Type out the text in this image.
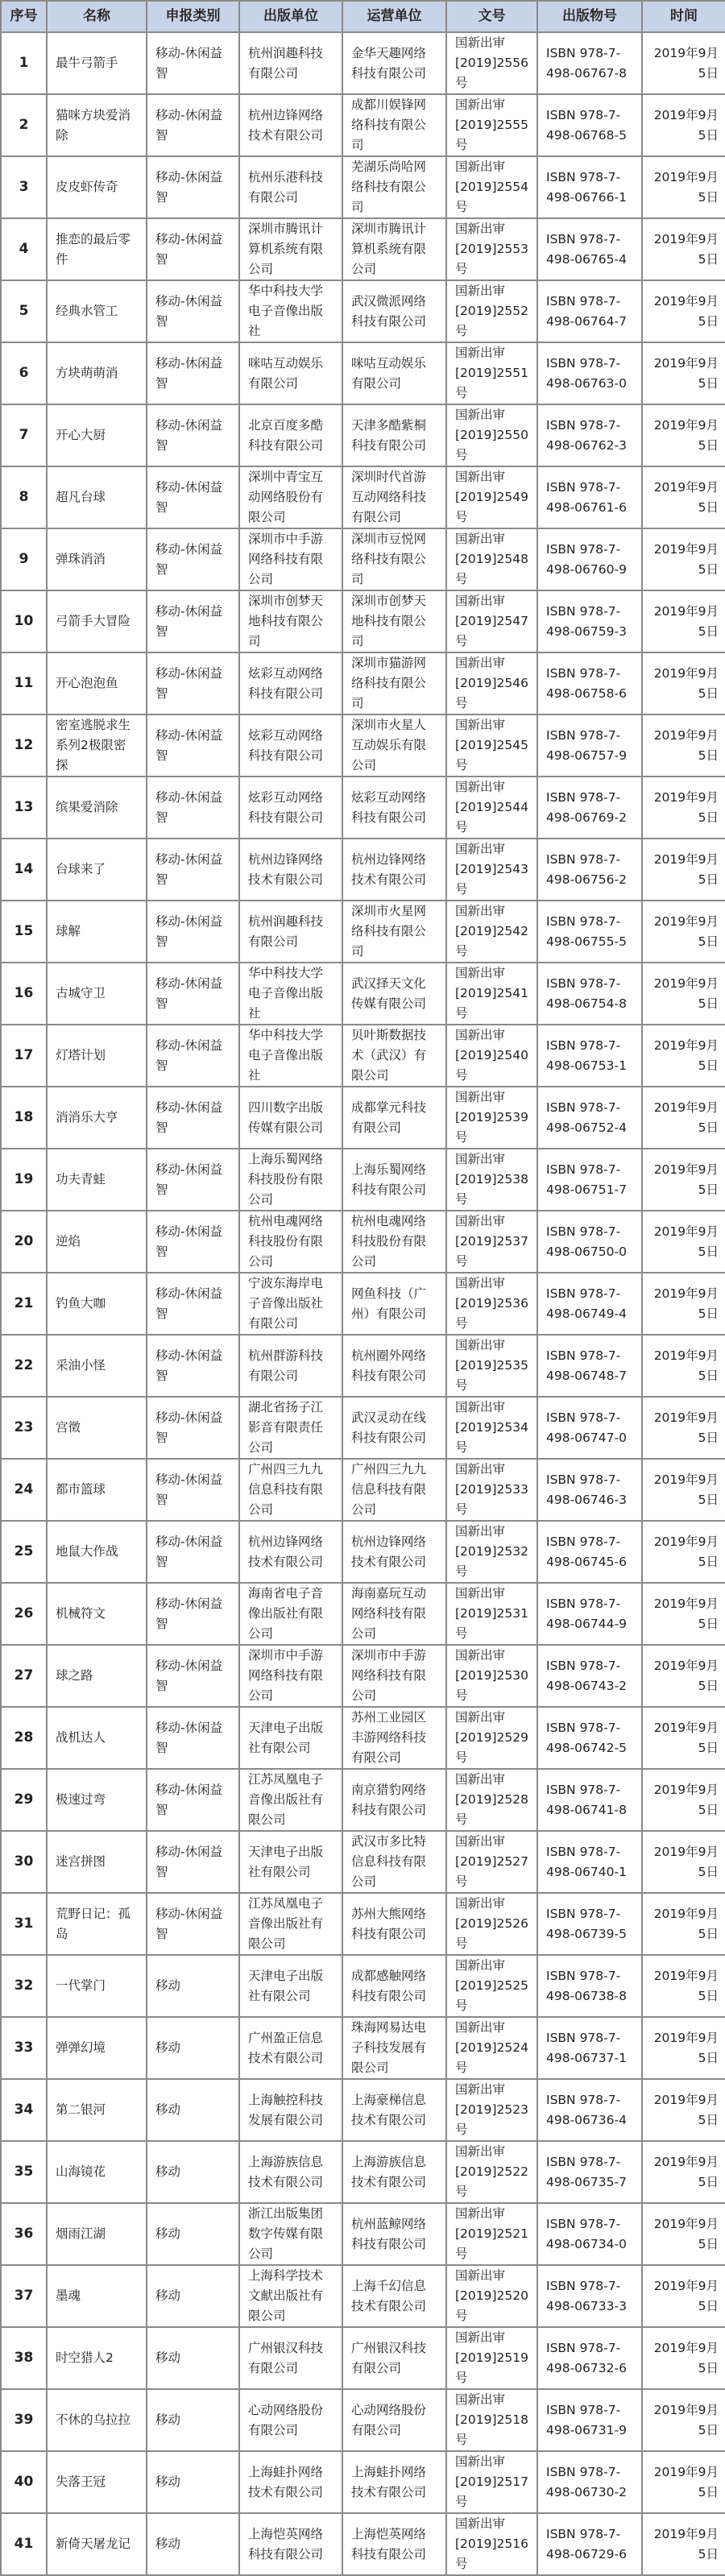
序号	名称	申报类别	出版单位	运营单位	文号	出版物号	时间
1	最牛弓箭手	移动-休闲益智	杭州润趣科技有限公司	金华天趣网络科技有限公司	国新出审[2019]2556号	ISBN 978-7-498-06767-8	2019年9月5日
2	猫咪方块爱消除	移动-休闲益智	杭州边锋网络技术有限公司	成都川娱锋网络科技有限公司	国新出审[2019]2555号	ISBN 978-7-498-06768-5	2019年9月5日
3	皮皮虾传奇	移动-休闲益智	杭州乐港科技有限公司	芜湖乐尚哈网络科技有限公司	国新出审[2019]2554号	ISBN 978-7-498-06766-1	2019年9月5日
4	推恋的最后零件	移动-休闲益智	深圳市腾讯计算机系统有限公司	深圳市腾讯计算机系统有限公司	国新出审[2019]2553号	ISBN 978-7-498-06765-4	2019年9月5日
5	经典水管工	移动-休闲益智	华中科技大学电子音像出版社	武汉微派网络科技有限公司	国新出审[2019]2552号	ISBN 978-7-498-06764-7	2019年9月5日
6	方块萌萌消	移动-休闲益智	咪咕互动娱乐有限公司	咪咕互动娱乐有限公司	国新出审[2019]2551号	ISBN 978-7-498-06763-0	2019年9月5日
7	开心大厨	移动-休闲益智	北京百度多酷科技有限公司	天津多酷紫桐科技有限公司	国新出审[2019]2550号	ISBN 978-7-498-06762-3	2019年9月5日
8	超凡台球	移动-休闲益智	深圳中青宝互动网络股份有限公司	深圳时代首游互动网络科技有限公司	国新出审[2019]2549号	ISBN 978-7-498-06761-6	2019年9月5日
9	弹珠消消	移动-休闲益智	深圳市中手游网络科技有限公司	深圳市豆悦网络科技有限公司	国新出审[2019]2548号	ISBN 978-7-498-06760-9	2019年9月5日
10	弓箭手大冒险	移动-休闲益智	深圳市创梦天地科技有限公司	深圳市创梦天地科技有限公司	国新出审[2019]2547号	ISBN 978-7-498-06759-3	2019年9月5日
11	开心泡泡鱼	移动-休闲益智	炫彩互动网络科技有限公司	深圳市猫游网络科技有限公司	国新出审[2019]2546号	ISBN 978-7-498-06758-6	2019年9月5日
12	密室逃脱求生系列2极限密探	移动-休闲益智	炫彩互动网络科技有限公司	深圳市火星人互动娱乐有限公司	国新出审[2019]2545号	ISBN 978-7-498-06757-9	2019年9月5日
13	缤果爱消除	移动-休闲益智	炫彩互动网络科技有限公司	炫彩互动网络科技有限公司	国新出审[2019]2544号	ISBN 978-7-498-06769-2	2019年9月5日
14	台球来了	移动-休闲益智	杭州边锋网络技术有限公司	杭州边锋网络技术有限公司	国新出审[2019]2543号	ISBN 978-7-498-06756-2	2019年9月5日
15	球解	移动-休闲益智	杭州润趣科技有限公司	深圳市火星网络科技有限公司	国新出审[2019]2542号	ISBN 978-7-498-06755-5	2019年9月5日
16	古城守卫	移动-休闲益智	华中科技大学电子音像出版社	武汉择天文化传媒有限公司	国新出审[2019]2541号	ISBN 978-7-498-06754-8	2019年9月5日
17	灯塔计划	移动-休闲益智	华中科技大学电子音像出版社	贝叶斯数据技术（武汉）有限公司	国新出审[2019]2540号	ISBN 978-7-498-06753-1	2019年9月5日
18	消消乐大亨	移动-休闲益智	四川数字出版传媒有限公司	成都掌元科技有限公司	国新出审[2019]2539号	ISBN 978-7-498-06752-4	2019年9月5日
19	功夫青蛙	移动-休闲益智	上海乐蜀网络科技股份有限公司	上海乐蜀网络科技有限公司	国新出审[2019]2538号	ISBN 978-7-498-06751-7	2019年9月5日
20	逆焰	移动-休闲益智	杭州电魂网络科技股份有限公司	杭州电魂网络科技股份有限公司	国新出审[2019]2537号	ISBN 978-7-498-06750-0	2019年9月5日
21	钓鱼大咖	移动-休闲益智	宁波东海岸电子音像出版社有限公司	网鱼科技（广州）有限公司	国新出审[2019]2536号	ISBN 978-7-498-06749-4	2019年9月5日
22	采油小怪	移动-休闲益智	杭州群游科技有限公司	杭州圈外网络科技有限公司	国新出审[2019]2535号	ISBN 978-7-498-06748-7	2019年9月5日
23	宫徵	移动-休闲益智	湖北省扬子江影音有限责任公司	武汉灵动在线科技有限公司	国新出审[2019]2534号	ISBN 978-7-498-06747-0	2019年9月5日
24	都市篮球	移动-休闲益智	广州四三九九信息科技有限公司	广州四三九九信息科技有限公司	国新出审[2019]2533号	ISBN 978-7-498-06746-3	2019年9月5日
25	地鼠大作战	移动-休闲益智	杭州边锋网络技术有限公司	杭州边锋网络技术有限公司	国新出审[2019]2532号	ISBN 978-7-498-06745-6	2019年9月5日
26	机械符文	移动-休闲益智	海南省电子音像出版社有限公司	海南嘉玩互动网络科技有限公司	国新出审[2019]2531号	ISBN 978-7-498-06744-9	2019年9月5日
27	球之路	移动-休闲益智	深圳市中手游网络科技有限公司	深圳市中手游网络科技有限公司	国新出审[2019]2530号	ISBN 978-7-498-06743-2	2019年9月5日
28	战机达人	移动-休闲益智	天津电子出版社有限公司	苏州工业园区丰游网络科技有限公司	国新出审[2019]2529号	ISBN 978-7-498-06742-5	2019年9月5日
29	极速过弯	移动-休闲益智	江苏凤凰电子音像出版社有限公司	南京猎豹网络科技有限公司	国新出审[2019]2528号	ISBN 978-7-498-06741-8	2019年9月5日
30	迷宫拼图	移动-休闲益智	天津电子出版社有限公司	武汉市多比特信息科技有限公司	国新出审[2019]2527号	ISBN 978-7-498-06740-1	2019年9月5日
31	荒野日记：孤岛	移动-休闲益智	江苏凤凰电子音像出版社有限公司	苏州大熊网络科技有限公司	国新出审[2019]2526号	ISBN 978-7-498-06739-5	2019年9月5日
32	一代掌门	移动	天津电子出版社有限公司	成都感触网络科技有限公司	国新出审[2019]2525号	ISBN 978-7-498-06738-8	2019年9月5日
33	弹弹幻境	移动	广州盈正信息技术有限公司	珠海网易达电子科技发展有限公司	国新出审[2019]2524号	ISBN 978-7-498-06737-1	2019年9月5日
34	第二银河	移动	上海触控科技发展有限公司	上海豪梯信息技术有限公司	国新出审[2019]2523号	ISBN 978-7-498-06736-4	2019年9月5日
35	山海镜花	移动	上海游族信息技术有限公司	上海游族信息技术有限公司	国新出审[2019]2522号	ISBN 978-7-498-06735-7	2019年9月5日
36	烟雨江湖	移动	浙江出版集团数字传媒有限公司	杭州蓝鲸网络科技有限公司	国新出审[2019]2521号	ISBN 978-7-498-06734-0	2019年9月5日
37	墨魂	移动	上海科学技术文献出版社有限公司	上海千幻信息技术有限公司	国新出审[2019]2520号	ISBN 978-7-498-06733-3	2019年9月5日
38	时空猎人2	移动	广州银汉科技有限公司	广州银汉科技有限公司	国新出审[2019]2519号	ISBN 978-7-498-06732-6	2019年9月5日
39	不休的乌拉拉	移动	心动网络股份有限公司	心动网络股份有限公司	国新出审[2019]2518号	ISBN 978-7-498-06731-9	2019年9月5日
40	失落王冠	移动	上海蛙扑网络技术有限公司	上海蛙扑网络技术有限公司	国新出审[2019]2517号	ISBN 978-7-498-06730-2	2019年9月5日
41	新倚天屠龙记	移动	上海恺英网络科技有限公司	上海恺英网络科技有限公司	国新出审[2019]2516号	ISBN 978-7-498-06729-6	2019年9月5日
